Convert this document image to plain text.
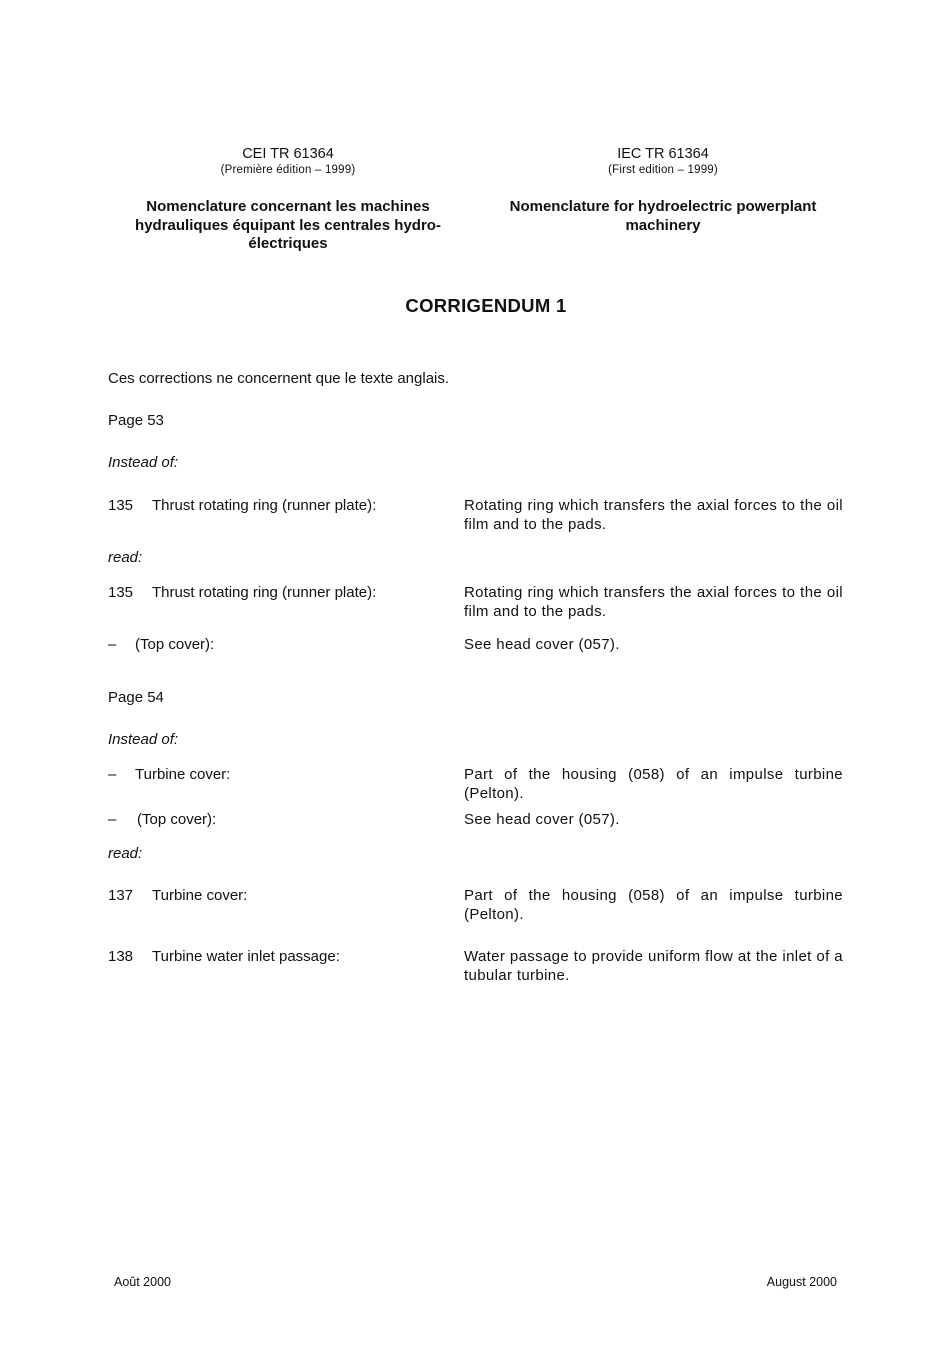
CEI TR 61364
(Première édition – 1999)
Nomenclature concernant les machines hydrauliques équipant les centrales hydro-électriques
IEC TR 61364
(First edition – 1999)
Nomenclature for hydroelectric powerplant machinery
CORRIGENDUM 1
Ces corrections ne concernent que le texte anglais.
Page 53
Instead of:
135 Thrust rotating ring (runner plate):	Rotating ring which transfers the axial forces to the oil film and to the pads.
read:
135 Thrust rotating ring (runner plate):	Rotating ring which transfers the axial forces to the oil film and to the pads.
– (Top cover):	See head cover (057).
Page 54
Instead of:
– Turbine cover:	Part of the housing (058) of an impulse turbine (Pelton).
– (Top cover):	See head cover (057).
read:
137 Turbine cover:	Part of the housing (058) of an impulse turbine (Pelton).
138 Turbine water inlet passage:	Water passage to provide uniform flow at the inlet of a tubular turbine.
Août 2000	August 2000
